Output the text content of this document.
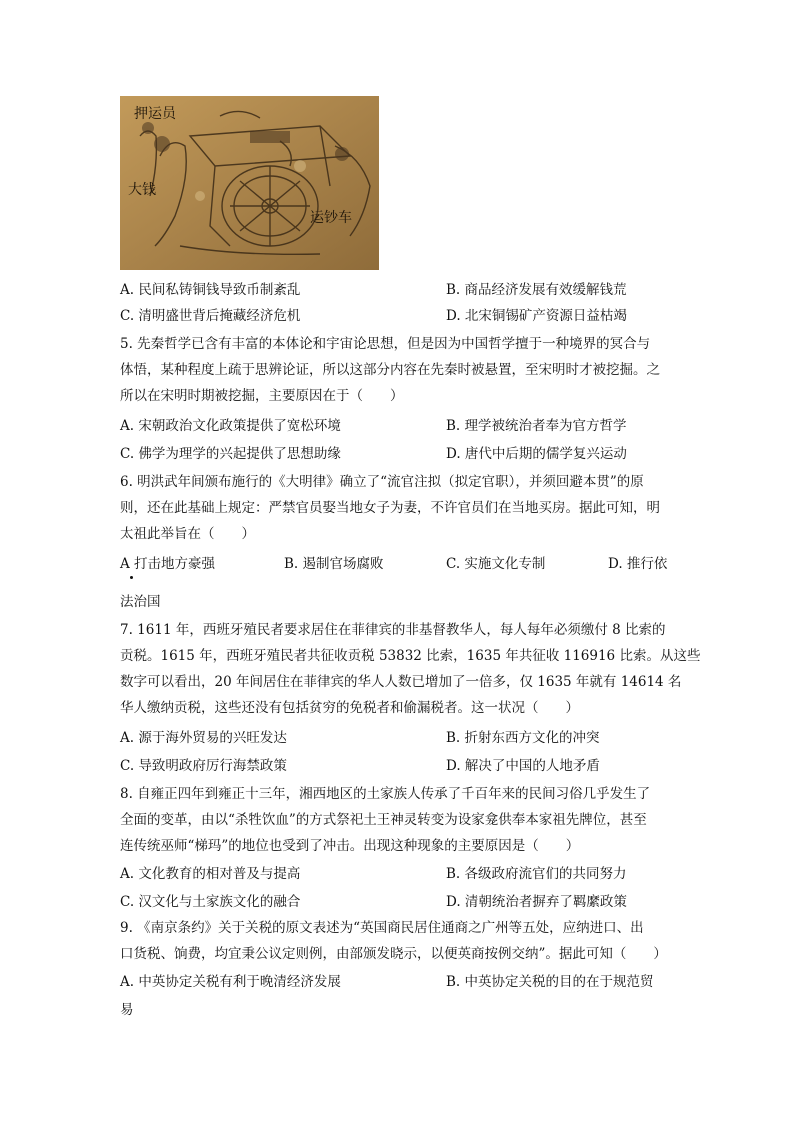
押运员
大钱
运钞车
A. 民间私铸铜钱导致币制紊乱	B. 商品经济发展有效缓解钱荒
C. 清明盛世背后掩藏经济危机	D. 北宋铜锡矿产资源日益枯竭
5. 先秦哲学已含有丰富的本体论和宇宙论思想，但是因为中国哲学擅于一种境界的冥合与
体悟，某种程度上疏于思辨论证，所以这部分内容在先秦时被悬置，至宋明时才被挖掘。之
所以在宋明时期被挖掘，主要原因在于（　　）
A. 宋朝政治文化政策提供了宽松环境	B. 理学被统治者奉为官方哲学
C. 佛学为理学的兴起提供了思想助缘	D. 唐代中后期的儒学复兴运动
6. 明洪武年间颁布施行的《大明律》确立了“流官注拟（拟定官职），并须回避本贯”的原
则，还在此基础上规定：严禁官员娶当地女子为妻，不许官员们在当地买房。据此可知，明
太祖此举旨在（　　）
A 打击地方豪强	B. 遏制官场腐败	C. 实施文化专制	D. 推行依
法治国
7. 1611 年，西班牙殖民者要求居住在菲律宾的非基督教华人，每人每年必须缴付 8 比索的
贡税。1615 年，西班牙殖民者共征收贡税 53832 比索，1635 年共征收 116916 比索。从这些
数字可以看出，20 年间居住在菲律宾的华人人数已增加了一倍多，仅 1635 年就有 14614 名
华人缴纳贡税，这些还没有包括贫穷的免税者和偷漏税者。这一状况（　　）
A. 源于海外贸易的兴旺发达	B. 折射东西方文化的冲突
C. 导致明政府厉行海禁政策	D. 解决了中国的人地矛盾
8. 自雍正四年到雍正十三年，湘西地区的土家族人传承了千百年来的民间习俗几乎发生了
全面的变革，由以“杀牲饮血”的方式祭祀土王神灵转变为设家龛供奉本家祖先牌位，甚至
连传统巫师“梯玛”的地位也受到了冲击。出现这种现象的主要原因是（　　）
A. 文化教育的相对普及与提高	B. 各级政府流官们的共同努力
C. 汉文化与土家族文化的融合	D. 清朝统治者摒弃了羁縻政策
9. 《南京条约》关于关税的原文表述为“英国商民居住通商之广州等五处，应纳进口、出
口货税、饷费，均宜秉公议定则例，由部颁发晓示，以便英商按例交纳”。据此可知（　　）
A. 中英协定关税有利于晚清经济发展	B. 中英协定关税的目的在于规范贸
易
